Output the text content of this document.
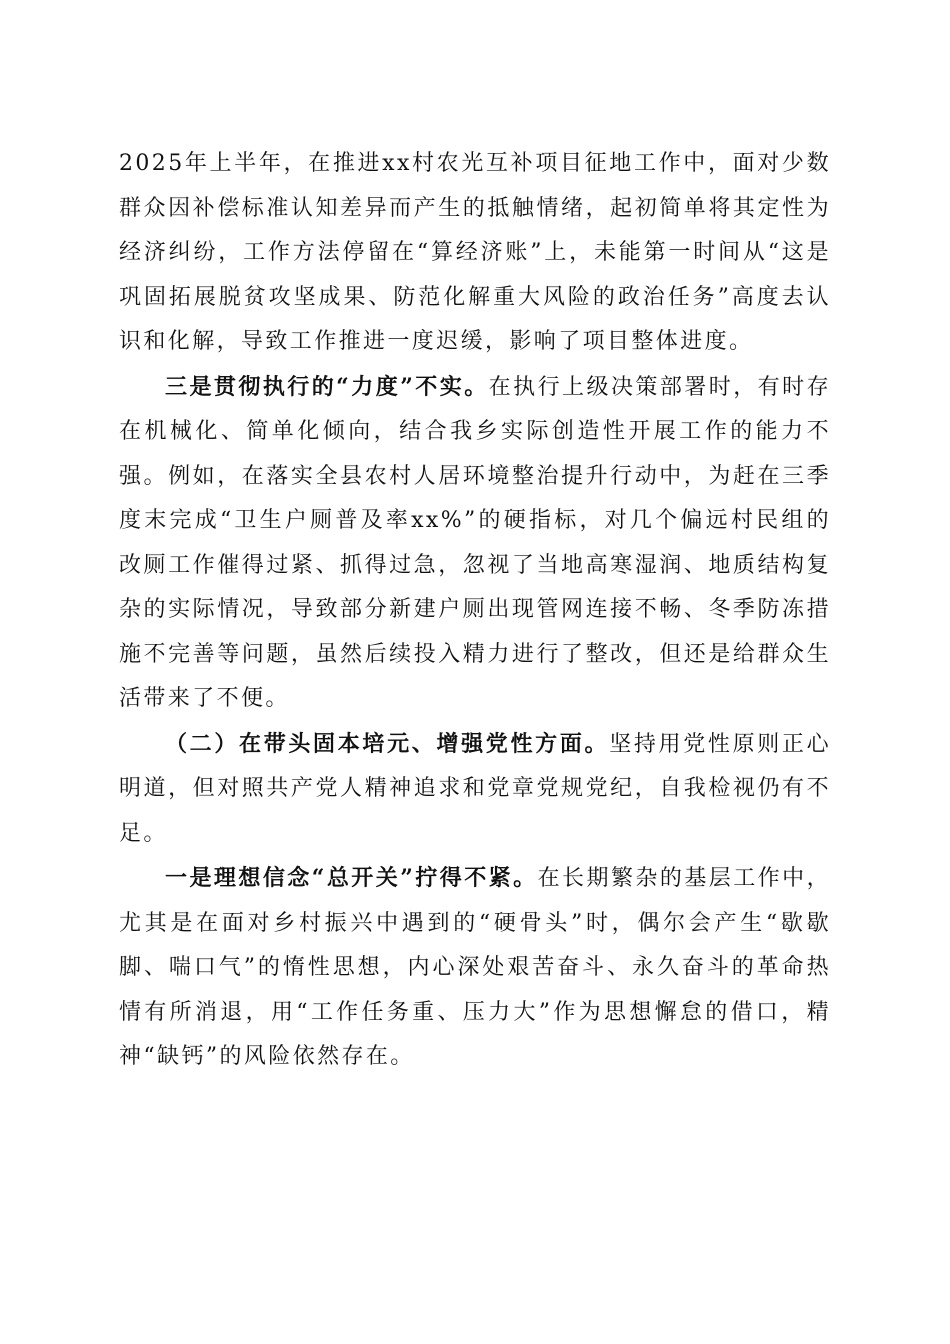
2025年上半年，在推进xx村农光互补项目征地工作中，面对少数群众因补偿标准认知差异而产生的抵触情绪，起初简单将其定性为经济纠纷，工作方法停留在“算经济账”上，未能第一时间从“这是巩固拓展脱贫攻坚成果、防范化解重大风险的政治任务”高度去认识和化解，导致工作推进一度迟缓，影响了项目整体进度。

三是贯彻执行的“力度”不实。在执行上级决策部署时，有时存在机械化、简单化倾向，结合我乡实际创造性开展工作的能力不强。例如，在落实全县农村人居环境整治提升行动中，为赶在三季度末完成“卫生户厕普及率xx%”的硬指标，对几个偏远村民组的改厕工作催得过紧、抓得过急，忽视了当地高寒湿润、地质结构复杂的实际情况，导致部分新建户厕出现管网连接不畅、冬季防冻措施不完善等问题，虽然后续投入精力进行了整改，但还是给群众生活带来了不便。

（二）在带头固本培元、增强党性方面。坚持用党性原则正心明道，但对照共产党人精神追求和党章党规党纪，自我检视仍有不足。

一是理想信念“总开关”拧得不紧。在长期繁杂的基层工作中，尤其是在面对乡村振兴中遇到的“硬骨头”时，偶尔会产生“歇歇脚、喘口气”的惰性思想，内心深处艰苦奋斗、永久奋斗的革命热情有所消退，用“工作任务重、压力大”作为思想懈怠的借口，精神“缺钙”的风险依然存在。
